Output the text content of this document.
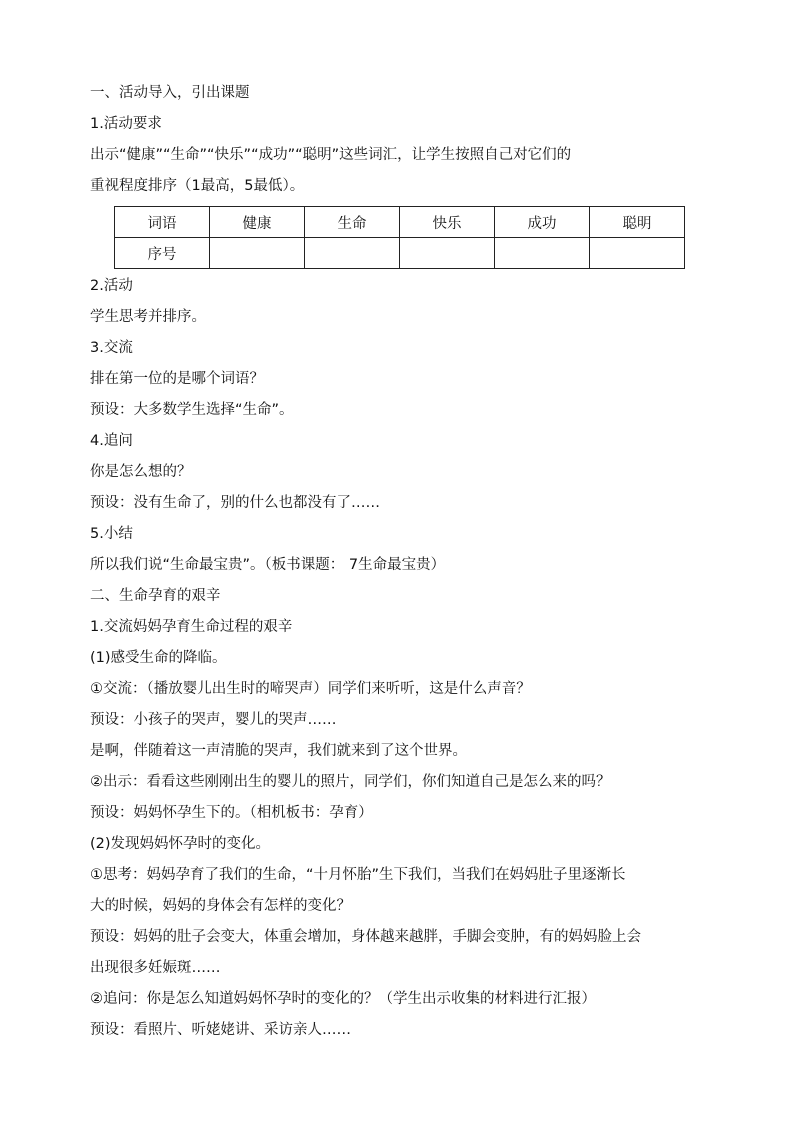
一、活动导入，引出课题
1.活动要求
出示“健康”“生命”“快乐”“成功”“聪明”这些词汇，让学生按照自己对它们的
重视程度排序（1最高，5最低）。
词语	健康	生命	快乐	成功	聪明
序号					
2.活动
学生思考并排序。
3.交流
排在第一位的是哪个词语？
预设：大多数学生选择“生命”。
4.追问
你是怎么想的？
预设：没有生命了，别的什么也都没有了……
5.小结
所以我们说“生命最宝贵”。（板书课题： 7生命最宝贵）
二、生命孕育的艰辛
1.交流妈妈孕育生命过程的艰辛
(1)感受生命的降临。
①交流：（播放婴儿出生时的啼哭声）同学们来听听，这是什么声音？
预设：小孩子的哭声，婴儿的哭声……
是啊，伴随着这一声清脆的哭声，我们就来到了这个世界。
②出示：看看这些刚刚出生的婴儿的照片，同学们，你们知道自己是怎么来的吗？
预设：妈妈怀孕生下的。（相机板书：孕育）
(2)发现妈妈怀孕时的变化。
①思考：妈妈孕育了我们的生命，“十月怀胎”生下我们，当我们在妈妈肚子里逐渐长
大的时候，妈妈的身体会有怎样的变化？
预设：妈妈的肚子会变大，体重会增加，身体越来越胖，手脚会变肿，有的妈妈脸上会
出现很多妊娠斑……
②追问：你是怎么知道妈妈怀孕时的变化的？（学生出示收集的材料进行汇报）
预设：看照片、听姥姥讲、采访亲人……
